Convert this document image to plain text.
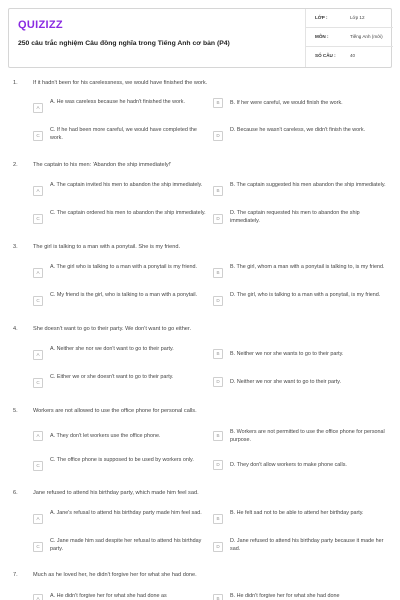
QUIZIZZ
250 câu trắc nghiệm Câu đồng nghĩa trong Tiếng Anh cơ bản (P4)
LỚP :	Lớp 12
MÔN :	Tiếng Anh (mới)
SỐ CÂU :	40
1.	If it hadn't been for his carelessness, we would have finished the work.
A
A. He was careless because he hadn't finished the work.	B	B. If her were careful, we would finish the work.
C
C. If he had been more careful, we would have completed the work.	D
D. Because he wasn't careless, we didn't finish the work.
2.	The captain to his men: 'Abandon the ship immediately!'
A
A. The captain invited his men to abandon the ship immediately.
B
B. The captain suggested his men abandon the ship immediately.
C
C. The captain ordered his men to abandon the ship immediately.
D
D. The captain requested his men to abandon the ship immediately.
3.	The girl is talking to a man with a ponytail. She is my friend.
A
A. The girl who is talking to a man with a ponytail is my friend.
B
B. The girl, whom a man with a ponytail is talking to, is my friend.
C
C. My friend is the girl, who is talking to a man with a ponytail.
D
D. The girl, who is talking to a man with a ponytail, is my friend.
4.	She doesn't want to go to their party. We don't want to go either.
A
A. Neither she nor we don't want to go to their party.
B	B. Neither we nor she wants to go to their party.
C
C. Either we or she doesn't want to go to their party.
D	D. Neither we nor she want to go to their party.
5.	Workers are not allowed to use the office phone for personal calls.
A	A. They don't let workers use the office phone.	B
B. Workers are not permitted to use the office phone for personal purpose.
C
C. The office phone is supposed to be used by workers only.
D	D. They don't allow workers to make phone calls.
6.	Jane refused to attend his birthday party, which made him feel sad.
A
A. Jane's refusal to attend his birthday party made him feel sad.
B
B. He felt sad not to be able to attend her birthday party.
C
C. Jane made him sad despite her refusal to attend his birthday party.	D
D. Jane refused to attend his birthday party because it made her sad.
7.	Much as he loved her, he didn't forgive her for what she had done.
A	A. He didn't forgive her for what she had done as	B	B. He didn't forgive her for what she had done
